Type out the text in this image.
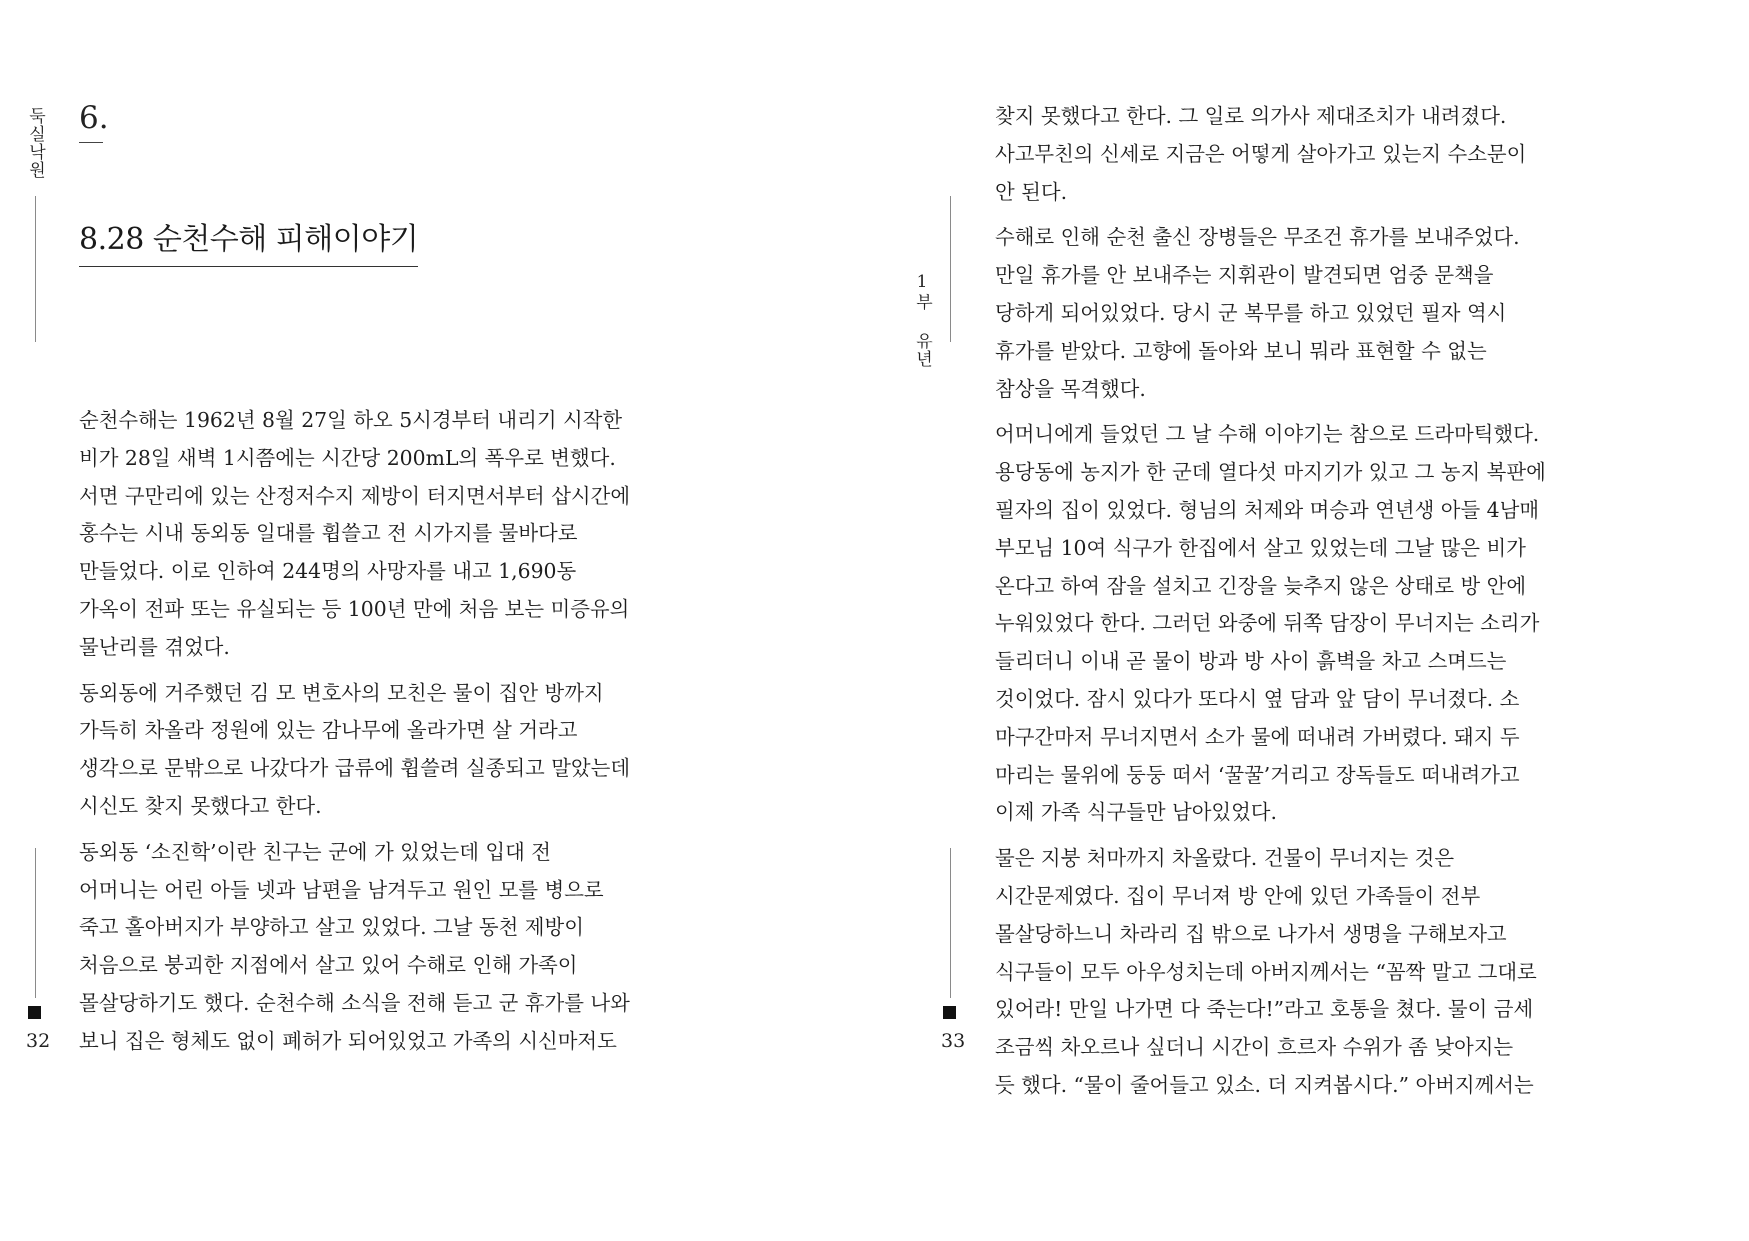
둑실낙원
32
6.
8.28 순천수해 피해이야기

순천수해는 1962년 8월 27일 하오 5시경부터 내리기 시작한
비가 28일 새벽 1시쯤에는 시간당 200mL의 폭우로 변했다.
서면 구만리에 있는 산정저수지 제방이 터지면서부터 삽시간에
홍수는 시내 동외동 일대를 휩쓸고 전 시가지를 물바다로
만들었다. 이로 인하여 244명의 사망자를 내고 1,690동
가옥이 전파 또는 유실되는 등 100년 만에 처음 보는 미증유의
물난리를 겪었다.

동외동에 거주했던 김 모 변호사의 모친은 물이 집안 방까지
가득히 차올라 정원에 있는 감나무에 올라가면 살 거라고
생각으로 문밖으로 나갔다가 급류에 휩쓸려 실종되고 말았는데
시신도 찾지 못했다고 한다.

동외동 ‘소진학’이란 친구는 군에 가 있었는데 입대 전
어머니는 어린 아들 넷과 남편을 남겨두고 원인 모를 병으로
죽고 홀아버지가 부양하고 살고 있었다. 그날 동천 제방이
처음으로 붕괴한 지점에서 살고 있어 수해로 인해 가족이
몰살당하기도 했다. 순천수해 소식을 전해 듣고 군 휴가를 나와
보니 집은 형체도 없이 폐허가 되어있었고 가족의 시신마저도

1부 유년
33

찾지 못했다고 한다. 그 일로 의가사 제대조치가 내려졌다.
사고무친의 신세로 지금은 어떻게 살아가고 있는지 수소문이
안 된다.

수해로 인해 순천 출신 장병들은 무조건 휴가를 보내주었다.
만일 휴가를 안 보내주는 지휘관이 발견되면 엄중 문책을
당하게 되어있었다. 당시 군 복무를 하고 있었던 필자 역시
휴가를 받았다. 고향에 돌아와 보니 뭐라 표현할 수 없는
참상을 목격했다.

어머니에게 들었던 그 날 수해 이야기는 참으로 드라마틱했다.
용당동에 농지가 한 군데 열다섯 마지기가 있고 그 농지 복판에
필자의 집이 있었다. 형님의 처제와 며승과 연년생 아들 4남매
부모님 10여 식구가 한집에서 살고 있었는데 그날 많은 비가
온다고 하여 잠을 설치고 긴장을 늦추지 않은 상태로 방 안에
누워있었다 한다. 그러던 와중에 뒤쪽 담장이 무너지는 소리가
들리더니 이내 곧 물이 방과 방 사이 흙벽을 차고 스며드는
것이었다. 잠시 있다가 또다시 옆 담과 앞 담이 무너졌다. 소
마구간마저 무너지면서 소가 물에 떠내려 가버렸다. 돼지 두
마리는 물위에 둥둥 떠서 ‘꿀꿀’거리고 장독들도 떠내려가고
이제 가족 식구들만 남아있었다.

물은 지붕 처마까지 차올랐다. 건물이 무너지는 것은
시간문제였다. 집이 무너져 방 안에 있던 가족들이 전부
몰살당하느니 차라리 집 밖으로 나가서 생명을 구해보자고
식구들이 모두 아우성치는데 아버지께서는 “꼼짝 말고 그대로
있어라! 만일 나가면 다 죽는다!”라고 호통을 쳤다. 물이 금세
조금씩 차오르나 싶더니 시간이 흐르자 수위가 좀 낮아지는
듯 했다. “물이 줄어들고 있소. 더 지켜봅시다.” 아버지께서는
